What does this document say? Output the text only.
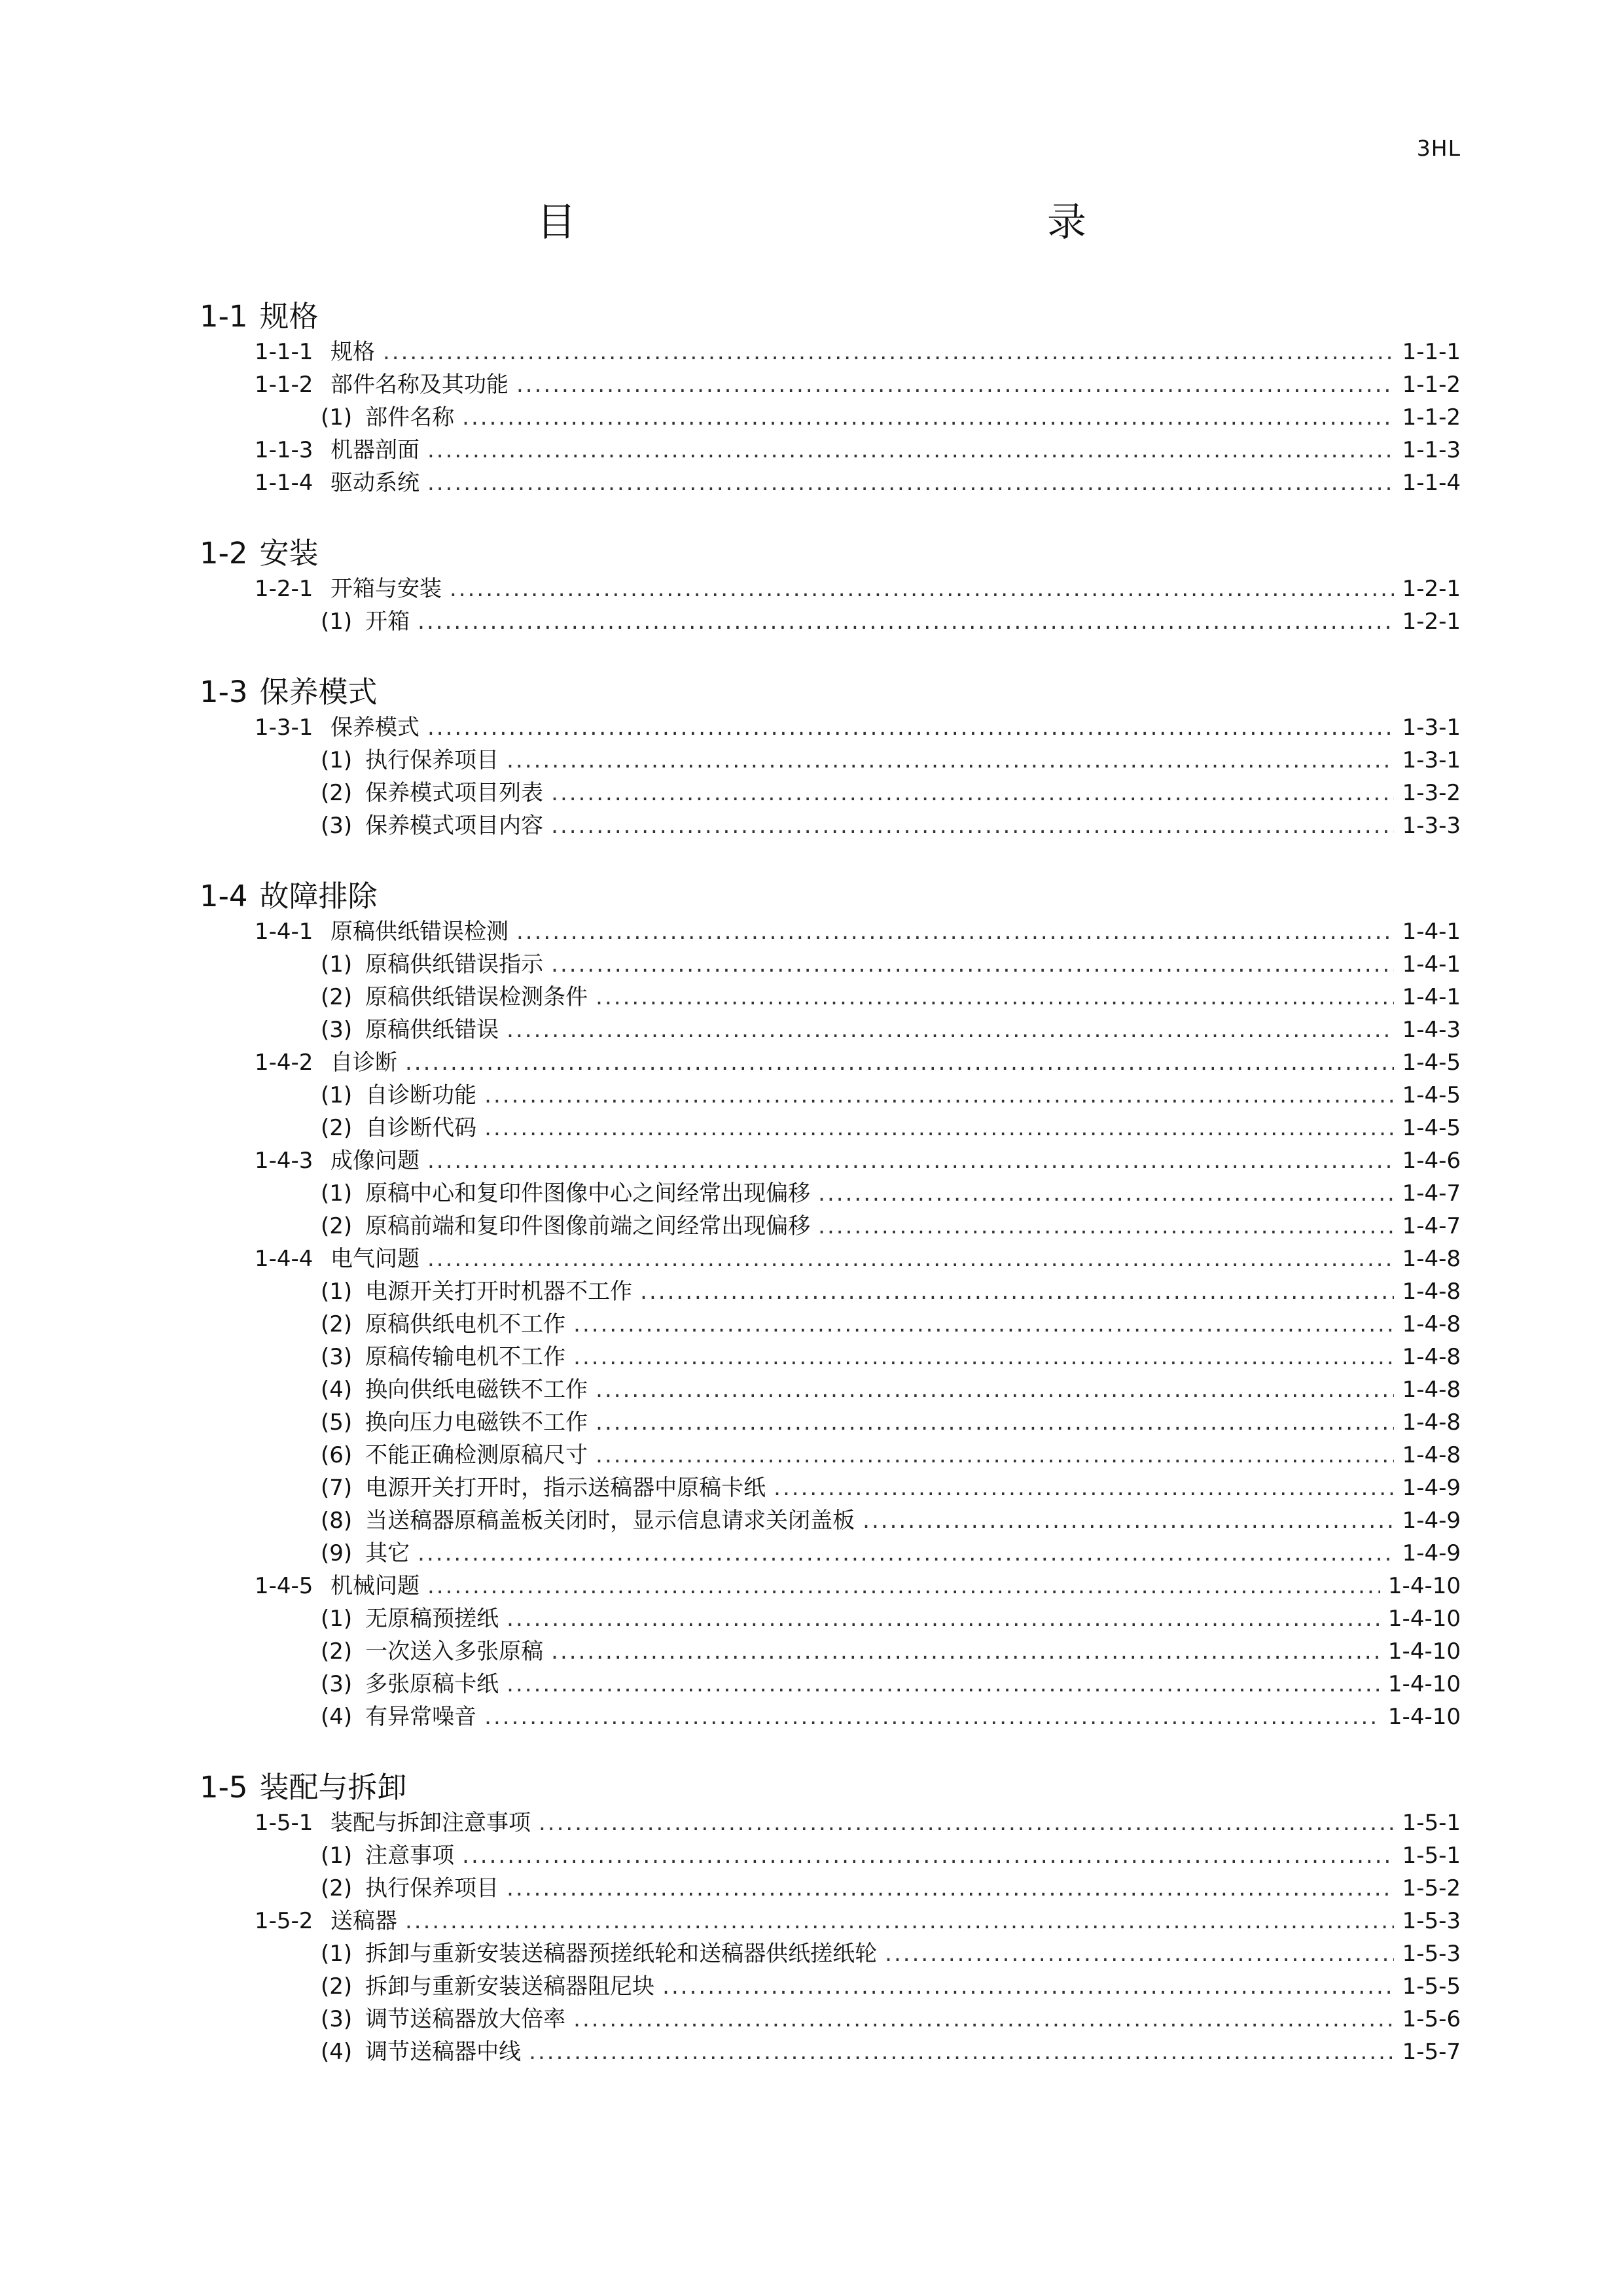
3HL
目　　录
1-1 规格
1-1-1 规格 .....	1-1-1
1-1-2 部件名称及其功能 .....	1-1-2
(1) 部件名称 .....	1-1-2
1-1-3 机器剖面 .....	1-1-3
1-1-4 驱动系统 .....	1-1-4
1-2 安装
1-2-1 开箱与安装 .....	1-2-1
(1) 开箱 .....	1-2-1
1-3 保养模式
1-3-1 保养模式 .....	1-3-1
(1) 执行保养项目 .....	1-3-1
(2) 保养模式项目列表 .....	1-3-2
(3) 保养模式项目内容 .....	1-3-3
1-4 故障排除
1-4-1 原稿供纸错误检测 .....	1-4-1
(1) 原稿供纸错误指示 .....	1-4-1
(2) 原稿供纸错误检测条件 .....	1-4-1
(3) 原稿供纸错误 .....	1-4-3
1-4-2 自诊断 .....	1-4-5
(1) 自诊断功能 .....	1-4-5
(2) 自诊断代码 .....	1-4-5
1-4-3 成像问题 .....	1-4-6
(1) 原稿中心和复印件图像中心之间经常出现偏移 .....	1-4-7
(2) 原稿前端和复印件图像前端之间经常出现偏移 .....	1-4-7
1-4-4 电气问题 .....	1-4-8
(1) 电源开关打开时机器不工作 .....	1-4-8
(2) 原稿供纸电机不工作 .....	1-4-8
(3) 原稿传输电机不工作 .....	1-4-8
(4) 换向供纸电磁铁不工作 .....	1-4-8
(5) 换向压力电磁铁不工作 .....	1-4-8
(6) 不能正确检测原稿尺寸 .....	1-4-8
(7) 电源开关打开时，指示送稿器中原稿卡纸 .....	1-4-9
(8) 当送稿器原稿盖板关闭时，显示信息请求关闭盖板 .....	1-4-9
(9) 其它 .....	1-4-9
1-4-5 机械问题 .....	1-4-10
(1) 无原稿预搓纸 .....	1-4-10
(2) 一次送入多张原稿 .....	1-4-10
(3) 多张原稿卡纸 .....	1-4-10
(4) 有异常噪音 .....	1-4-10
1-5 装配与拆卸
1-5-1 装配与拆卸注意事项 .....	1-5-1
(1) 注意事项 .....	1-5-1
(2) 执行保养项目 .....	1-5-2
1-5-2 送稿器 .....	1-5-3
(1) 拆卸与重新安装送稿器预搓纸轮和送稿器供纸搓纸轮 .....	1-5-3
(2) 拆卸与重新安装送稿器阻尼块 .....	1-5-5
(3) 调节送稿器放大倍率 .....	1-5-6
(4) 调节送稿器中线 .....	1-5-7
